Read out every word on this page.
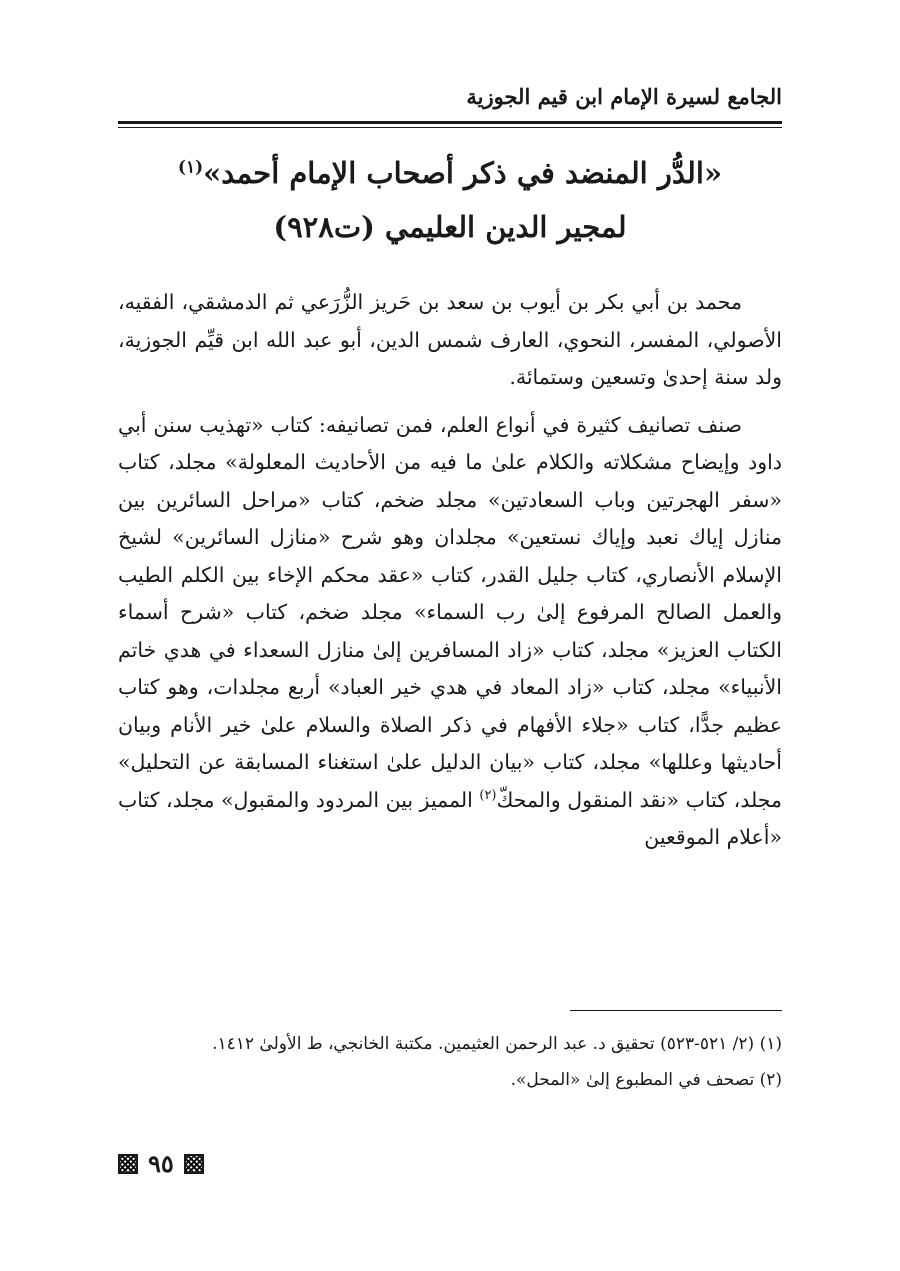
الجامع لسيرة الإمام ابن قيم الجوزية
«الدُّر المنضد في ذكر أصحاب الإمام أحمد»$^{(١)}$
لمجير الدين العليمي (ت٩٢٨)

محمد بن أبي بكر بن أيوب بن سعد بن حَريز الزُّرَعي ثم الدمشقي، الفقيه، الأصولي، المفسر، النحوي، العارف شمس الدين، أبو عبد الله ابن قيِّم الجوزية، ولد سنة إحدىٰ وتسعين وستمائة.

صنف تصانيف كثيرة في أنواع العلم، فمن تصانيفه: كتاب «تهذيب سنن أبي داود وإيضاح مشكلاته والكلام علىٰ ما فيه من الأحاديث المعلولة» مجلد، كتاب «سفر الهجرتين وباب السعادتين» مجلد ضخم، كتاب «مراحل السائرين بين منازل إياك نعبد وإياك نستعين» مجلدان وهو شرح «منازل السائرين» لشيخ الإسلام الأنصاري، كتاب جليل القدر، كتاب «عقد محكم الإخاء بين الكلم الطيب والعمل الصالح المرفوع إلىٰ رب السماء» مجلد ضخم، كتاب «شرح أسماء الكتاب العزيز» مجلد، كتاب «زاد المسافرين إلىٰ منازل السعداء في هدي خاتم الأنبياء» مجلد، كتاب «زاد المعاد في هدي خير العباد» أربع مجلدات، وهو كتاب عظيم جدًّا، كتاب «جلاء الأفهام في ذكر الصلاة والسلام علىٰ خير الأنام وبيان أحاديثها وعللها» مجلد، كتاب «بيان الدليل علىٰ استغناء المسابقة عن التحليل» مجلد، كتاب «نقد المنقول والمحكّ$^{(٢)}$ المميز بين المردود والمقبول» مجلد، كتاب «أعلام الموقعين

(١) (٢/ ٥٢١-٥٢٣) تحقيق د. عبد الرحمن العثيمين. مكتبة الخانجي، ط الأولىٰ ١٤١٢.

(٢) تصحف في المطبوع إلىٰ «المحل».

٩٥
